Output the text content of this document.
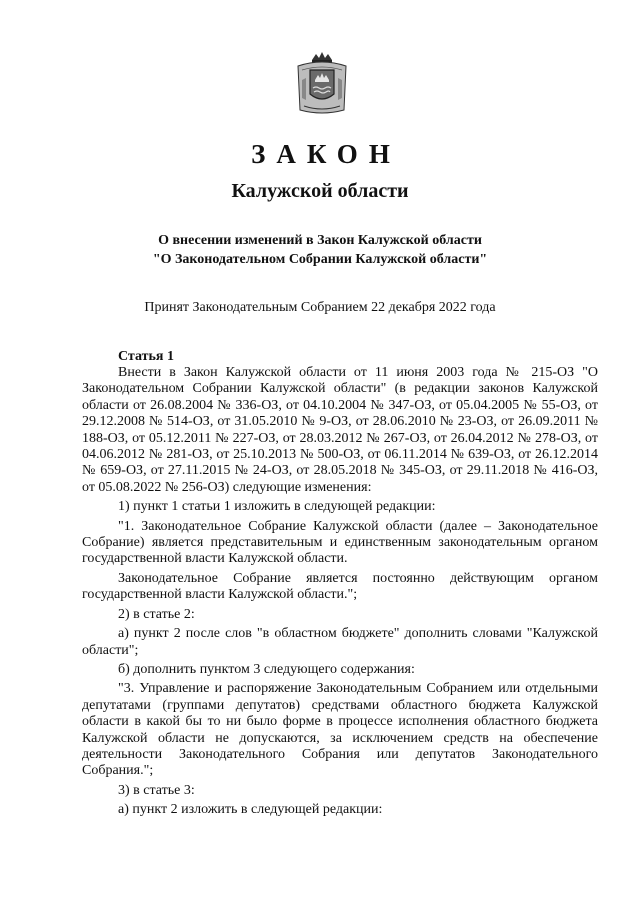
ЗАКОН
Калужской области
О внесении изменений в Закон Калужской области
"О Законодательном Собрании Калужской области"
Принят Законодательным Собранием 22 декабря 2022 года
Статья 1

Внести в Закон Калужской области от 11 июня 2003 года № 215-ОЗ "О Законодательном Собрании Калужской области" (в редакции законов Калужской области от 26.08.2004 № 336-ОЗ, от 04.10.2004 № 347-ОЗ, от 05.04.2005 № 55-ОЗ, от 29.12.2008 № 514-ОЗ, от 31.05.2010 № 9-ОЗ, от 28.06.2010 № 23-ОЗ, от 26.09.2011 № 188-ОЗ, от 05.12.2011 № 227-ОЗ, от 28.03.2012 № 267-ОЗ, от 26.04.2012 № 278-ОЗ, от 04.06.2012 № 281-ОЗ, от 25.10.2013 № 500-ОЗ, от 06.11.2014 № 639-ОЗ, от 26.12.2014 № 659-ОЗ, от 27.11.2015 № 24-ОЗ, от 28.05.2018 № 345-ОЗ, от 29.11.2018 № 416-ОЗ, от 05.08.2022 № 256-ОЗ) следующие изменения:

1) пункт 1 статьи 1 изложить в следующей редакции:

"1. Законодательное Собрание Калужской области (далее – Законодательное Собрание) является представительным и единственным законодательным органом государственной власти Калужской области.

Законодательное Собрание является постоянно действующим органом государственной власти Калужской области.";

2) в статье 2:

а) пункт 2 после слов "в областном бюджете" дополнить словами "Калужской области";

б) дополнить пунктом 3 следующего содержания:

"3. Управление и распоряжение Законодательным Собранием или отдельными депутатами (группами депутатов) средствами областного бюджета Калужской области в какой бы то ни было форме в процессе исполнения областного бюджета Калужской области не допускаются, за исключением средств на обеспечение деятельности Законодательного Собрания или депутатов Законодательного Собрания.";

3) в статье 3:

а) пункт 2 изложить в следующей редакции:
